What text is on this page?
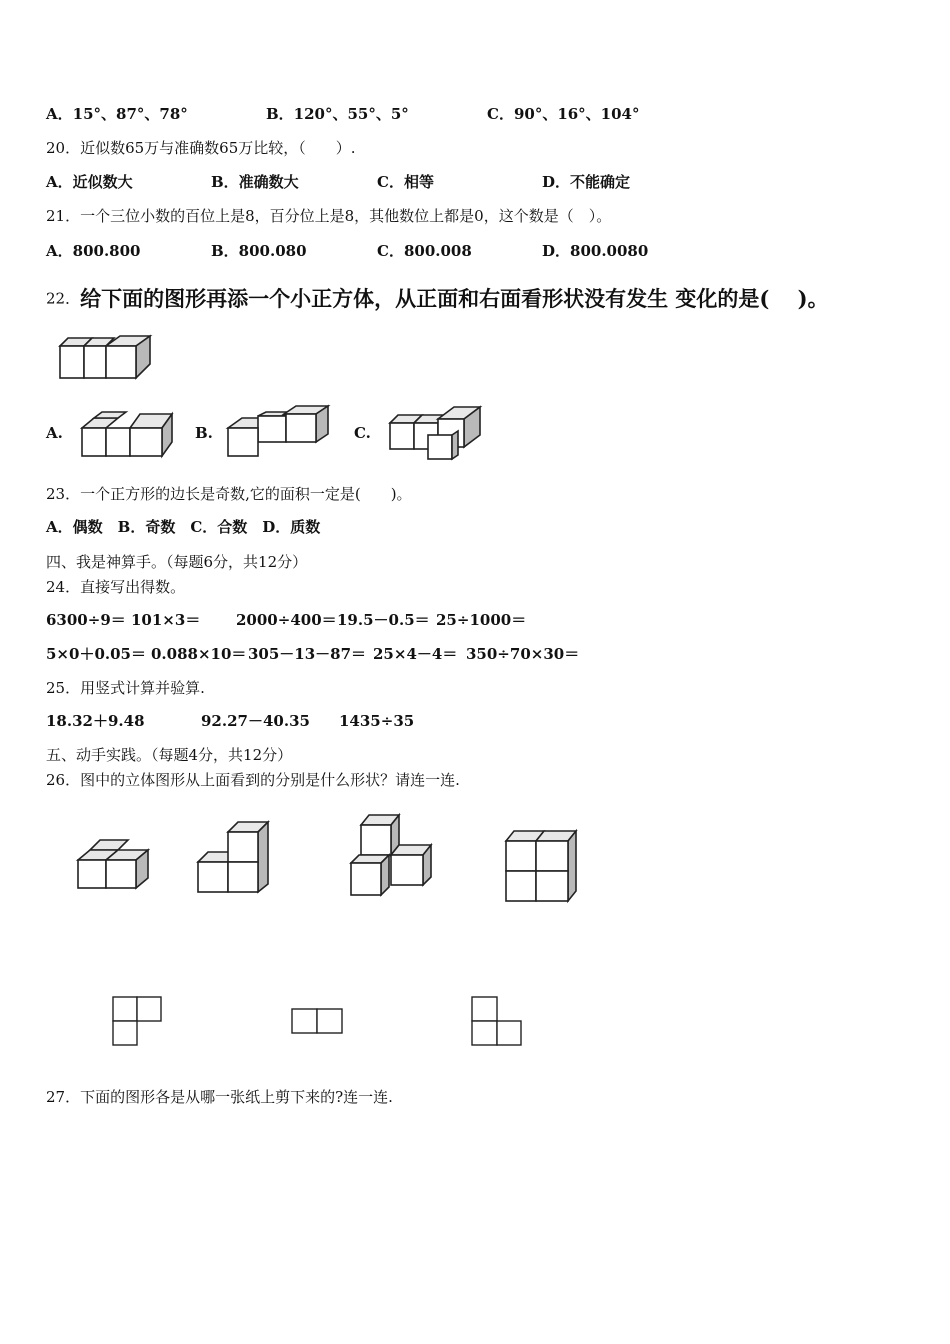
A．15°、87°、78°	B．120°、55°、5°	C．90°、16°、104°
20．近似数65万与准确数65万比较，（　　）.
A．近似数大	B．准确数大	C．相等	D．不能确定
21．一个三位小数的百位上是8，百分位上是8，其他数位上都是0，这个数是（　）。
A．800.800	B．800.080	C．800.008	D．800.0080
22．给下面的图形再添一个小正方体，从正面和右面看形状没有发生 变化的是(　 )。
A.	B.	C.
23．一个正方形的边长是奇数,它的面积一定是(　　)。
A．偶数　B．奇数　C．合数　D．质数
四、我是神算手。（每题6分，共12分）
24．直接写出得数。
6300÷9＝ 101×3＝ 2000÷400＝19.5－0.5＝ 25÷1000＝
5×0＋0.05＝ 0.088×10＝ 305－13－87＝ 25×4－4＝ 350÷70×30＝
25．用竖式计算并验算.
18.32＋9.48	92.27－40.35 1435÷35
五、动手实践。（每题4分，共12分）
26．图中的立体图形从上面看到的分别是什么形状？请连一连.
27．下面的图形各是从哪一张纸上剪下来的?连一连.
